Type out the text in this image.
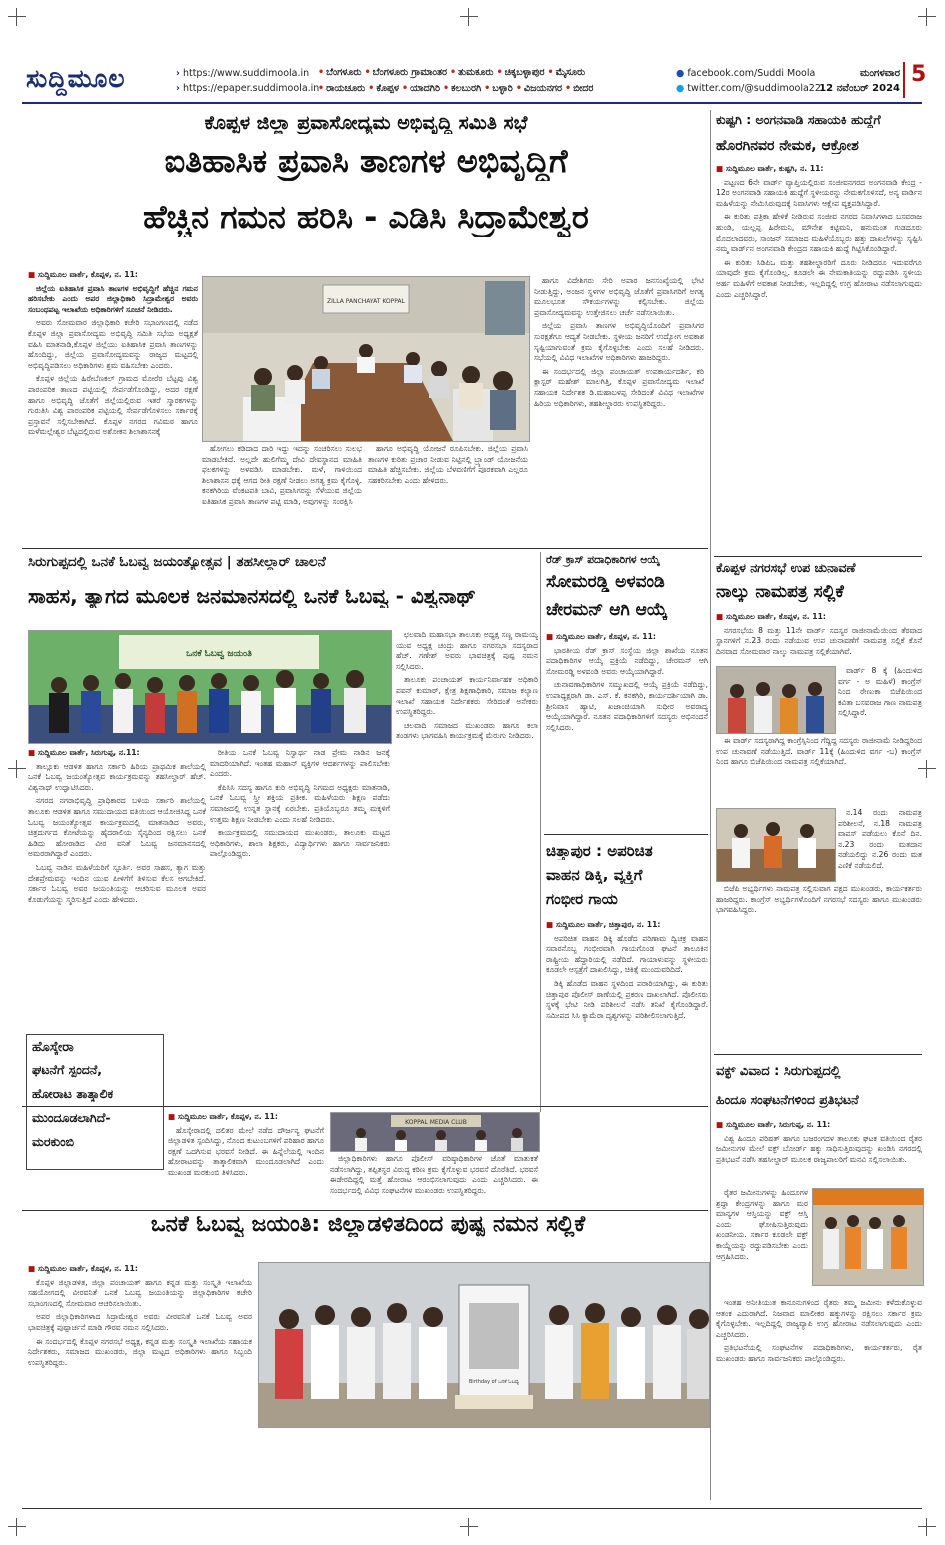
ಸುದ್ದಿಮೂಲ	› https://www.suddimoola.in
› https://epaper.suddimoola.in
• ಬೆಂಗಳೂರು • ಬೆಂಗಳೂರು ಗ್ರಾಮಾಂತರ • ತುಮಕೂರು • ಚಿಕ್ಕಬಳ್ಳಾಪುರ • ಮೈಸೂರು
• ರಾಯಚೂರು • ಕೊಪ್ಪಳ • ಯಾದಗಿರಿ • ಕಲಬುರಗಿ • ಬಳ್ಳಾರಿ • ವಿಜಯನಗರ • ಬೀದರ
● facebook.com/Suddi Moola
● twitter.com/@suddimoola22
ಮಂಗಳವಾರ
12 ನವೆಂಬರ್ 2024
5
ಕೊಪ್ಪಳ ಜಿಲ್ಲಾ ಪ್ರವಾಸೋದ್ಯಮ ಅಭಿವೃದ್ಧಿ ಸಮಿತಿ ಸಭೆ
ಐತಿಹಾಸಿಕ ಪ್ರವಾಸಿ ತಾಣಗಳ ಅಭಿವೃದ್ಧಿಗೆ
ಹೆಚ್ಚಿನ ಗಮನ ಹರಿಸಿ - ಎಡಿಸಿ ಸಿದ್ರಾಮೇಶ್ವರ

■ ಸುದ್ದಿಮೂಲ ವಾರ್ತೆ, ಕೊಪ್ಪಳ, ನ. 11:

ಜಿಲ್ಲೆಯ ಐತಿಹಾಸಿಕ ಪ್ರವಾಸಿ ತಾಣಗಳ ಅಭಿವೃದ್ಧಿಗೆ ಹೆಚ್ಚಿನ ಗಮನ ಹರಿಸಬೇಕು ಎಂದು ಅಪರ ಜಿಲ್ಲಾಧಿಕಾರಿ ಸಿದ್ರಾಮೇಶ್ವರ ಅವರು ಸಂಬಂಧಪಟ್ಟ ಇಲಾಖೆಯ ಅಧಿಕಾರಿಗಳಿಗೆ ಸೂಚನೆ ನೀಡಿದರು.

ಅವರು ಸೋಮವಾರ ಜಿಲ್ಲಾಧಿಕಾರಿ ಕಚೇರಿ ಸಭಾಂಗಣದಲ್ಲಿ ನಡೆದ ಕೊಪ್ಪಳ ಜಿಲ್ಲಾ ಪ್ರವಾಸೋದ್ಯಮ ಅಭಿವೃದ್ಧಿ ಸಮಿತಿ ಸಭೆಯ ಅಧ್ಯಕ್ಷತೆ ವಹಿಸಿ ಮಾತನಾಡಿ,ಕೊಪ್ಪಳ ಜಿಲ್ಲೆಯು ಐತಿಹಾಸಿಕ ಪ್ರವಾಸಿ ತಾಣಗಳನ್ನು ಹೊಂದಿದ್ದು, ಜಿಲ್ಲೆಯ ಪ್ರವಾಸೋದ್ಯಮವನ್ನು ರಾಜ್ಯದ ಮಟ್ಟದಲ್ಲಿ ಅಭಿವೃದ್ಧಿಪಡಿಸಲು ಅಧಿಕಾರಿಗಳು ಶ್ರಮ ವಹಿಸಬೇಕು ಎಂದರು.

ಕೊಪ್ಪಳ ಜಿಲ್ಲೆಯ ಹಿರೇಬೆಣಕಲ್ ಗ್ರಾಮದ ಮೋರೆರ ಬೆಟ್ಟವು ವಿಶ್ವ ಪಾರಂಪರಿಕ ತಾಣದ ಪಟ್ಟಿಯಲ್ಲಿ ಸೇರ್ಪಡೆಗೊಂಡಿದ್ದು, ಅದರ ರಕ್ಷಣೆ ಹಾಗೂ ಅಭಿವೃದ್ಧಿ ಜೊತೆಗೆ ಜಿಲ್ಲೆಯಲ್ಲಿರುವ ಇತರೆ ಸ್ಮಾರಕಗಳನ್ನು ಗುರುತಿಸಿ ವಿಶ್ವ ಪಾರಂಪರಿಕ ಪಟ್ಟಿಯಲ್ಲಿ ಸೇರ್ಪಡೆಗೊಳಿಸಲು ಸರ್ಕಾರಕ್ಕೆ ಪ್ರಸ್ತಾವನೆ ಸಲ್ಲಿಸಬೇಕಾಗಿದೆ. ಕೊಪ್ಪಳ ನಗರದ ಗವಿಮಠ ಹಾಗೂ ಮಳೆಮಲ್ಲೇಶ್ವರ ಬೆಟ್ಟದಲ್ಲಿರುವ ಅಶೋಕನ ಶಿಲಾಶಾಸನಕ್ಕೆ

ZILLA PANCHAYAT KOPPAL

ಹೋಗಲು ಕಡಿದಾದ ದಾರಿ ಇದ್ದು ಇದನ್ನು ಸಂಚರಿಸಲು ಸುಲಭ ಮಾಡಬೇಕಿದೆ. ಅಲ್ಲದೇ ಹುಲಿಗೆಮ್ಮ ದೇವಿ ದೇವಸ್ಥಾನದ ಮಾಹಿತಿ ಫಲಕಗಳನ್ನು ಅಳವಡಿಸಿ ಮಾಡಬೇಕು. ಮಳೆ, ಗಾಳಿಯಿಂದ ಶಿಲಾಶಾಸನ ಧಕ್ಕೆ ಆಗದ ರೀತಿ ರಕ್ಷಣೆ ನೀಡಲು ಅಗತ್ಯ ಕ್ರಮ ಕೈಗೊಳ್ಳಿ. ಕನಕಗಿರಿಯ ವೆಂಕಟಪತಿ ಬಾವಿ, ಪ್ರವಾಸಿಗರನ್ನು ಸೆಳೆಯುವ ಜಿಲ್ಲೆಯ ಐತಿಹಾಸಿಕ ಪ್ರವಾಸಿ ತಾಣಗಳ ಪಟ್ಟಿ ಮಾಡಿ, ಅವುಗಳನ್ನು ಸಂರಕ್ಷಿಸಿ

ಹಾಗೂ ಅಭಿವೃದ್ಧಿ ಯೋಜನೆ ರೂಪಿಸಬೇಕು. ಜಿಲ್ಲೆಯ ಪ್ರವಾಸಿ ತಾಣಗಳ ಕುರಿತು ಪ್ರಚಾರ ನೀಡುವ ನಿಟ್ಟಿನಲ್ಲಿ ಬ್ರ್ಯಾಂಡ್ ಯೋಜನೆಯ ಮಾಹಿತಿ ಹೆಚ್ಚಿಸಬೇಕು. ಜಿಲ್ಲೆಯ ಬೆಳವಣಿಗೆಗೆ ಪೂರಕವಾಗಿ ಎಲ್ಲರೂ ಸಹಕರಿಸಬೇಕು ಎಂದು ಹೇಳಿದರು.

ಹಾಗೂ ವಿದೇಶಿಗರು ಸೇರಿ ಅಪಾರ ಜನಸಂಖ್ಯೆಯಲ್ಲಿ ಭೇಟಿ ನೀಡುತ್ತಿದ್ದು, ಅಂಜನ ಸ್ಥಳಗಳ ಅಭಿವೃದ್ಧಿ ಜೊತೆಗೆ ಪ್ರವಾಸಿಗರಿಗೆ ಅಗತ್ಯ ಮೂಲಭೂತ ಸೌಕರ್ಯಗಳನ್ನು ಕಲ್ಪಿಸಬೇಕು. ಜಿಲ್ಲೆಯ ಪ್ರವಾಸೋದ್ಯಮವನ್ನು ಉತ್ತೇಜಿಸಲು ಚರ್ಚೆ ನಡೆಸಲಾಯಿತು.

ಜಿಲ್ಲೆಯ ಪ್ರವಾಸಿ ತಾಣಗಳ ಅಭಿವೃದ್ಧಿಯೊಂದಿಗೆ ಪ್ರವಾಸಿಗರ ಸುರಕ್ಷತೆಗೂ ಆದ್ಯತೆ ನೀಡಬೇಕು. ಸ್ಥಳೀಯ ಜನರಿಗೆ ಉದ್ಯೋಗ ಅವಕಾಶ ಸೃಷ್ಟಿಯಾಗುವಂತೆ ಕ್ರಮ ಕೈಗೊಳ್ಳಬೇಕು ಎಂದು ಸಲಹೆ ನೀಡಿದರು. ಸಭೆಯಲ್ಲಿ ವಿವಿಧ ಇಲಾಖೆಗಳ ಅಧಿಕಾರಿಗಳು ಹಾಜರಿದ್ದರು.

ಈ ಸಂದರ್ಭದಲ್ಲಿ ಜಿಲ್ಲಾ ಪಂಚಾಯತ್ ಉಪಕಾರ್ಯದರ್ಶಿ, ಕರಿ ಕ್ಲಾಸ್ಟರ್ ಮಹೇಶ್ ಮಾಲಗಿತ್ತಿ, ಕೊಪ್ಪಳ ಪ್ರವಾಸೋದ್ಯಮ ಇಲಾಖೆ ಸಹಾಯಕ ನಿರ್ದೇಶಕ ಡಿ.ಮಹಾಬಳಪ್ಪ ಸೇರಿದಂತೆ ವಿವಿಧ ಇಲಾಖೆಗಳ ಹಿರಿಯ ಅಧಿಕಾರಿಗಳು, ತಹಶೀಲ್ದಾರರು ಉಪಸ್ಥಿತರಿದ್ದರು.

ಕುಷ್ಟಗಿ : ಅಂಗನವಾಡಿ ಸಹಾಯಕಿ ಹುದ್ದೆಗೆ
ಹೊರಗಿನವರ ನೇಮಕ, ಆಕ್ರೋಶ

■ ಸುದ್ದಿಮೂಲ ವಾರ್ತೆ, ಕುಷ್ಟಗಿ, ನ. 11:

ಪಟ್ಟಣದ 6ನೇ ವಾರ್ಡ್ ವ್ಯಾಪ್ತಿಯಲ್ಲಿರುವ ಸಂಜೀವನಗರದ ಅಂಗನವಾಡಿ ಕೇಂದ್ರ - 12ರ ಅಂಗನವಾಡಿ ಸಹಾಯಕಿ ಹುದ್ದೆಗೆ ಸ್ಥಳೀಯರನ್ನು ನೇಮಕಗೊಳಿಸದೆ, ಅನ್ಯ ವಾರ್ಡಿನ ಮಹಿಳೆಯನ್ನು ನೇಮಿಸಿರುವುದಕ್ಕೆ ನಿವಾಸಿಗಳು ಆಕ್ಷೇಪ ವ್ಯಕ್ತಪಡಿಸಿದ್ದಾರೆ.

ಈ ಕುರಿತು ಪತ್ರಿಕಾ ಹೇಳಿಕೆ ನೀಡಿರುವ ಸಂಜೀವ ನಗರದ ನಿವಾಸಿಗಳಾದ ಬಸವರಾಜ ಹುಂಡಿ, ಯಲ್ಲಪ್ಪ ಹಿರೇಮನಿ, ಮೌನೇಶ ಕಟ್ಟಿಮನಿ, ಹನುಮಂತ ಗುಡದೂರು ಮೊದಲಾದವರು, ಸಾಂಜನ್ ಸಮಾಜದ ಮಹಿಳೆಯೊಬ್ಬರು ಹತ್ತು ದಾಖಲೆಗಳನ್ನು ಸೃಷ್ಟಿಸಿ ನಮ್ಮ ವಾರ್ಡ್‌ನ ಅಂಗನವಾಡಿ ಕೇಂದ್ರದ ಸಹಾಯಕಿ ಹುದ್ದೆ ಗಿಟ್ಟಿಸಿಕೊಂಡಿದ್ದಾರೆ.

ಈ ಕುರಿತು ಸಿಡಿಪಿಒ ಮತ್ತು ತಹಶೀಲ್ದಾರರಿಗೆ ದೂರು ನೀಡಿದರೂ ಇದುವರೆಗೂ ಯಾವುದೇ ಕ್ರಮ ಕೈಗೊಂಡಿಲ್ಲ. ಕೂಡಲೇ ಈ ನೇಮಕಾತಿಯನ್ನು ರದ್ದುಪಡಿಸಿ ಸ್ಥಳೀಯ ಅರ್ಹ ಮಹಿಳೆಗೆ ಅವಕಾಶ ನೀಡಬೇಕು, ಇಲ್ಲದಿದ್ದಲ್ಲಿ ಉಗ್ರ ಹೋರಾಟ ನಡೆಸಲಾಗುವುದು ಎಂದು ಎಚ್ಚರಿಸಿದ್ದಾರೆ.

ಸಿರುಗುಪ್ಪದಲ್ಲಿ ಒನಕೆ ಓಬವ್ವ ಜಯಂತ್ಯೋತ್ಸವ | ತಹಸೀಲ್ದಾರ್ ಚಾಲನೆ
ಸಾಹಸ, ತ್ಯಾಗದ ಮೂಲಕ ಜನಮಾನಸದಲ್ಲಿ ಒನಕೆ ಓಬವ್ವ - ವಿಶ್ವನಾಥ್
ಒನಕೆ ಓಬವ್ವ ಜಯಂತಿ

■ ಸುದ್ದಿಮೂಲ ವಾರ್ತೆ, ಸಿರುಗುಪ್ಪ, ನ.11:

ತಾಲ್ಲೂಕು ಆಡಳಿತ ಹಾಗೂ ಸರ್ಕಾರಿ ಹಿರಿಯ ಪ್ರಾಥಮಿಕ ಶಾಲೆಯಲ್ಲಿ ಒನಕೆ ಓಬವ್ವ ಜಯಂತ್ಯೋತ್ಸವ ಕಾರ್ಯಕ್ರಮವನ್ನು ತಹಸೀಲ್ದಾರ್ ಹೆಚ್. ವಿಶ್ವನಾಥ್ ಉದ್ಘಾಟಿಸಿದರು.

ನಗರದ ನಗರಾಭಿವೃದ್ಧಿ ಪ್ರಾಧಿಕಾರದ ಬಳಿಯ ಸರ್ಕಾರಿ ಶಾಲೆಯಲ್ಲಿ ತಾಲೂಕು ಆಡಳಿತ ಹಾಗೂ ಸಮುದಾಯದ ವತಿಯಿಂದ ಆಯೋಜಿಸಿದ್ದ ಒನಕೆ ಓಬವ್ವ ಜಯಂತ್ಯೋತ್ಸವ ಕಾರ್ಯಕ್ರಮದಲ್ಲಿ ಮಾತನಾಡಿದ ಅವರು, ಚಿತ್ರದುರ್ಗದ ಕೋಟೆಯನ್ನು ಹೈದರಾಲಿಯ ಸೈನ್ಯದಿಂದ ರಕ್ಷಿಸಲು ಒನಕೆ ಹಿಡಿದು ಹೋರಾಡಿದ ವೀರ ವನಿತೆ ಓಬವ್ವ ಜನಮಾನಸದಲ್ಲಿ ಅಮರರಾಗಿದ್ದಾರೆ ಎಂದರು.

ಓಬವ್ವ ನಾಡಿನ ಮಹಿಳೆಯರಿಗೆ ಸ್ಫೂರ್ತಿ. ಅವರ ಸಾಹಸ, ತ್ಯಾಗ ಮತ್ತು ದೇಶಪ್ರೇಮವನ್ನು ಇಂದಿನ ಯುವ ಪೀಳಿಗೆಗೆ ತಿಳಿಸುವ ಕೆಲಸ ಆಗಬೇಕಿದೆ. ಸರ್ಕಾರ ಓಬವ್ವ ಅವರ ಜಯಂತಿಯನ್ನು ಆಚರಿಸುವ ಮೂಲಕ ಅವರ ಕೊಡುಗೆಯನ್ನು ಸ್ಮರಿಸುತ್ತಿದೆ ಎಂದು ಹೇಳಿದರು.

ರೀತಿಯ ಒನಕೆ ಓಬವ್ವ ನಿಸ್ವಾರ್ಥ ನಾಡ ಪ್ರೇಮ ನಾಡಿನ ಜನಕ್ಕೆ ಮಾದರಿಯಾಗಿದೆ. ಇಂತಹ ಮಹಾನ್ ವ್ಯಕ್ತಿಗಳ ಆದರ್ಶಗಳನ್ನು ಪಾಲಿಸಬೇಕು ಎಂದರು.

ಕೆಪಿಸಿಸಿ ಸದಸ್ಯ ಹಾಗೂ ಕುರಿ ಅಭಿವೃದ್ಧಿ ನಿಗಮದ ಅಧ್ಯಕ್ಷರು ಮಾತನಾಡಿ, ಒನಕೆ ಓಬವ್ವ ಸ್ತ್ರೀ ಶಕ್ತಿಯ ಪ್ರತೀಕ. ಮಹಿಳೆಯರು ಶಿಕ್ಷಣ ಪಡೆದು ಸಮಾಜದಲ್ಲಿ ಉನ್ನತ ಸ್ಥಾನಕ್ಕೆ ಏರಬೇಕು. ಪ್ರತಿಯೊಬ್ಬರೂ ತಮ್ಮ ಮಕ್ಕಳಿಗೆ ಉತ್ತಮ ಶಿಕ್ಷಣ ನೀಡಬೇಕು ಎಂದು ಸಲಹೆ ನೀಡಿದರು.

ಕಾರ್ಯಕ್ರಮದಲ್ಲಿ ಸಮುದಾಯದ ಮುಖಂಡರು, ತಾಲೂಕು ಮಟ್ಟದ ಅಧಿಕಾರಿಗಳು, ಶಾಲಾ ಶಿಕ್ಷಕರು, ವಿದ್ಯಾರ್ಥಿಗಳು ಹಾಗೂ ಸಾರ್ವಜನಿಕರು ಪಾಲ್ಗೊಂಡಿದ್ದರು.

ಛಲವಾದಿ ಮಹಾಸಭಾ ತಾಲೂಕು ಅಧ್ಯಕ್ಷ ಸಣ್ಣ ರಾಮಯ್ಯ ಯುವ ಅಧ್ಯಕ್ಷ ಚಂದ್ರು ಹಾಗೂ ನಗರಸಭಾ ಸದಸ್ಯರಾದ ಹೆಚ್. ಗಣೇಶ್ ಅವರು ಭಾವಚಿತ್ರಕ್ಕೆ ಪುಷ್ಪ ನಮನ ಸಲ್ಲಿಸಿದರು.

ತಾಲೂಕು ಪಂಚಾಯತ್ ಕಾರ್ಯನಿರ್ವಾಹಕ ಅಧಿಕಾರಿ ಪವನ್ ಕುಮಾರ್, ಕ್ಷೇತ್ರ ಶಿಕ್ಷಣಾಧಿಕಾರಿ, ಸಮಾಜ ಕಲ್ಯಾಣ ಇಲಾಖೆ ಸಹಾಯಕ ನಿರ್ದೇಶಕರು ಸೇರಿದಂತೆ ಅನೇಕರು ಉಪಸ್ಥಿತರಿದ್ದರು.

ಚಲವಾದಿ ಸಮಾಜದ ಮುಖಂಡರು ಹಾಗೂ ಕಲಾ ತಂಡಗಳು ಭಾಗವಹಿಸಿ ಕಾರ್ಯಕ್ರಮಕ್ಕೆ ಮೆರುಗು ನೀಡಿದರು.

ರೆಡ್ ಕ್ರಾಸ್ ಪದಾಧಿಕಾರಿಗಳ ಆಯ್ಕೆ
ಸೋಮರಡ್ಡಿ ಅಳವಂಡಿ
ಚೇರಮನ್ ಆಗಿ ಆಯ್ಕೆ

■ ಸುದ್ದಿಮೂಲ ವಾರ್ತೆ, ಕೊಪ್ಪಳ, ನ. 11:

ಭಾರತೀಯ ರೆಡ್ ಕ್ರಾಸ್ ಸಂಸ್ಥೆಯ ಜಿಲ್ಲಾ ಶಾಖೆಯ ನೂತನ ಪದಾಧಿಕಾರಿಗಳ ಆಯ್ಕೆ ಪ್ರಕ್ರಿಯೆ ನಡೆದಿದ್ದು, ಚೇರಮನ್ ಆಗಿ ಸೋಮರಡ್ಡಿ ಅಳವಂಡಿ ಅವರು ಆಯ್ಕೆಯಾಗಿದ್ದಾರೆ.

ಚುನಾವಣಾಧಿಕಾರಿಗಳ ಸಮ್ಮುಖದಲ್ಲಿ ಆಯ್ಕೆ ಪ್ರಕ್ರಿಯೆ ನಡೆದಿದ್ದು, ಉಪಾಧ್ಯಕ್ಷರಾಗಿ ಡಾ. ಎಸ್. ಕೆ. ಕನಕಗಿರಿ, ಕಾರ್ಯದರ್ಶಿಯಾಗಿ ಡಾ. ಶ್ರೀನಿವಾಸ ಹ್ಯಾಟಿ, ಖಜಾಂಚಿಯಾಗಿ ಸುಧೀರ ಅವರಾದ್ಯ ಆಯ್ಕೆಯಾಗಿದ್ದಾರೆ. ನೂತನ ಪದಾಧಿಕಾರಿಗಳಿಗೆ ಸದಸ್ಯರು ಅಭಿನಂದನೆ ಸಲ್ಲಿಸಿದರು.

ಚಿತ್ತಾಪುರ : ಅಪರಿಚಿತ
ವಾಹನ ಡಿಕ್ಕಿ, ವ್ಯಕ್ತಿಗೆ
ಗಂಭೀರ ಗಾಯ

■ ಸುದ್ದಿಮೂಲ ವಾರ್ತೆ, ಚಿತ್ತಾಪುರ, ನ. 11:

ಅಪರಿಚಿತ ವಾಹನ ಡಿಕ್ಕಿ ಹೊಡೆದ ಪರಿಣಾಮ ದ್ವಿಚಕ್ರ ವಾಹನ ಸವಾರನೊಬ್ಬ ಗಂಭೀರವಾಗಿ ಗಾಯಗೊಂಡ ಘಟನೆ ತಾಲೂಕಿನ ರಾಷ್ಟ್ರೀಯ ಹೆದ್ದಾರಿಯಲ್ಲಿ ನಡೆದಿದೆ. ಗಾಯಾಳುವನ್ನು ಸ್ಥಳೀಯರು ಕೂಡಲೇ ಆಸ್ಪತ್ರೆಗೆ ದಾಖಲಿಸಿದ್ದು, ಚಿಕಿತ್ಸೆ ಮುಂದುವರಿದಿದೆ.

ಡಿಕ್ಕಿ ಹೊಡೆದ ವಾಹನ ಸ್ಥಳದಿಂದ ಪರಾರಿಯಾಗಿದ್ದು, ಈ ಕುರಿತು ಚಿತ್ತಾಪುರ ಪೊಲೀಸ್ ಠಾಣೆಯಲ್ಲಿ ಪ್ರಕರಣ ದಾಖಲಾಗಿದೆ. ಪೊಲೀಸರು ಸ್ಥಳಕ್ಕೆ ಭೇಟಿ ನೀಡಿ ಪರಿಶೀಲನೆ ನಡೆಸಿ ತನಿಖೆ ಕೈಗೊಂಡಿದ್ದಾರೆ. ಸಮೀಪದ ಸಿಸಿ ಕ್ಯಾಮೆರಾ ದೃಶ್ಯಗಳನ್ನು ಪರಿಶೀಲಿಸಲಾಗುತ್ತಿದೆ.

ಕೊಪ್ಪಳ ನಗರಸಭೆ ಉಪ ಚುನಾವಣೆ
ನಾಲ್ಕು ನಾಮಪತ್ರ ಸಲ್ಲಿಕೆ

■ ಸುದ್ದಿಮೂಲ ವಾರ್ತೆ, ಕೊಪ್ಪಳ, ನ. 11:

ನಗರಸಭೆಯ 8 ಮತ್ತು 11ನೇ ವಾರ್ಡ್ ಸದಸ್ಯರ ರಾಜೀನಾಮೆಯಿಂದ ತೆರವಾದ ಸ್ಥಾನಗಳಿಗೆ ನ.23 ರಂದು ನಡೆಯುವ ಉಪ ಚುನಾವಣೆಗೆ ನಾಮಪತ್ರ ಸಲ್ಲಿಕೆ ಕೊನೆ ದಿನವಾದ ಸೋಮವಾರ ನಾಲ್ಕು ನಾಮಪತ್ರ ಸಲ್ಲಿಕೆಯಾಗಿವೆ.

ವಾರ್ಡ್ 8 ಕ್ಕೆ (ಹಿಂದುಳಿದ ವರ್ಗ - ಅ ಮಹಿಳೆ) ಕಾಂಗ್ರೆಸ್ ನಿಂದ ರೇಣುಕಾ ಬಿಜೆಪಿಯಿಂದ ಕವಿತಾ ಬಸವರಾಜ ಗಾಣ ನಾಮಪತ್ರ ಸಲ್ಲಿಸಿದ್ದಾರೆ.

ಈ ವಾರ್ಡ್ ಸದಸ್ಯರಾಗಿದ್ದ ಕಾಂಗ್ರೆಸ್ಸಿನಿಂದ ಗೆದ್ದಿದ್ದ ಸದಸ್ಯರು ರಾಜೀನಾಮೆ ನೀಡಿದ್ದರಿಂದ ಉಪ ಚುನಾವಣೆ ನಡೆಯುತ್ತಿದೆ. ವಾರ್ಡ್ 11ಕ್ಕೆ (ಹಿಂದುಳಿದ ವರ್ಗ -ಬ) ಕಾಂಗ್ರೆಸ್ ನಿಂದ ಹಾಗೂ ಬಿಜೆಪಿಯಿಂದ ನಾಮಪತ್ರ ಸಲ್ಲಿಕೆಯಾಗಿದೆ.

ನ.14 ರಂದು ನಾಮಪತ್ರ ಪರಿಶೀಲನೆ, ನ.18 ನಾಮಪತ್ರ ವಾಪಸ್ ಪಡೆಯಲು ಕೊನೆ ದಿನ. ನ.23 ರಂದು ಮತದಾನ ನಡೆಯಲಿದ್ದು ನ.26 ರಂದು ಮತ ಎಣಿಕೆ ನಡೆಯಲಿದೆ.

ಬಿಜೆಪಿ ಅಭ್ಯರ್ಥಿಗಳು ನಾಮಪತ್ರ ಸಲ್ಲಿಸುವಾಗ ಪಕ್ಷದ ಮುಖಂಡರು, ಕಾರ್ಯಕರ್ತರು ಹಾಜರಿದ್ದರು. ಕಾಂಗ್ರೆಸ್ ಅಭ್ಯರ್ಥಿಗಳೊಂದಿಗೆ ನಗರಸಭೆ ಸದಸ್ಯರು ಹಾಗೂ ಮುಖಂಡರು ಭಾಗವಹಿಸಿದ್ದರು.

ಹೊಸ್ಕೇರಾ
ಘಟನೆಗೆ ಸ್ಪಂದನೆ,
ಹೋರಾಟ ತಾತ್ಕಾಲಿಕ
ಮುಂದೂಡಲಾಗಿದೆ-
ಮರಕುಂಬಿ

■ ಸುದ್ದಿಮೂಲ ವಾರ್ತೆ, ಕೊಪ್ಪಳ, ನ. 11:

ಹೊಸ್ಕೇರಾದಲ್ಲಿ ದಲಿತರ ಮೇಲೆ ನಡೆದ ದೌರ್ಜನ್ಯ ಘಟನೆಗೆ ಜಿಲ್ಲಾಡಳಿತ ಸ್ಪಂದಿಸಿದ್ದು, ನೊಂದ ಕುಟುಂಬಗಳಿಗೆ ಪರಿಹಾರ ಹಾಗೂ ರಕ್ಷಣೆ ಒದಗಿಸುವ ಭರವಸೆ ನೀಡಿದೆ. ಈ ಹಿನ್ನೆಲೆಯಲ್ಲಿ ಇಂದಿನ ಹೋರಾಟವನ್ನು ತಾತ್ಕಾಲಿಕವಾಗಿ ಮುಂದೂಡಲಾಗಿದೆ ಎಂದು ಮುಖಂಡ ಮರಕುಂಬಿ ತಿಳಿಸಿದರು.

KOPPAL MEDIA CLUB

ಜಿಲ್ಲಾಧಿಕಾರಿಗಳು ಹಾಗೂ ಪೊಲೀಸ್ ವರಿಷ್ಠಾಧಿಕಾರಿಗಳ ಜೊತೆ ಮಾತುಕತೆ ನಡೆಸಲಾಗಿದ್ದು, ತಪ್ಪಿತಸ್ಥರ ವಿರುದ್ಧ ಕಠಿಣ ಕ್ರಮ ಕೈಗೊಳ್ಳುವ ಭರವಸೆ ದೊರೆತಿದೆ. ಭರವಸೆ ಈಡೇರದಿದ್ದಲ್ಲಿ ಮತ್ತೆ ಹೋರಾಟ ಆರಂಭಿಸಲಾಗುವುದು ಎಂದು ಎಚ್ಚರಿಸಿದರು. ಈ ಸಂದರ್ಭದಲ್ಲಿ ವಿವಿಧ ಸಂಘಟನೆಗಳ ಮುಖಂಡರು ಉಪಸ್ಥಿತರಿದ್ದರು.

ವಕ್ಫ್ ವಿವಾದ : ಸಿರುಗುಪ್ಪದಲ್ಲಿ
ಹಿಂದೂ ಸಂಘಟನೆಗಳಿಂದ ಪ್ರತಿಭಟನೆ

■ ಸುದ್ದಿಮೂಲ ವಾರ್ತೆ, ಸಿರುಗುಪ್ಪ, ನ. 11:

ವಿಶ್ವ ಹಿಂದೂ ಪರಿಷತ್ ಹಾಗೂ ಬಜರಂಗದಳ ತಾಲೂಕು ಘಟಕ ವತಿಯಿಂದ ರೈತರ ಜಮೀನುಗಳ ಮೇಲೆ ವಕ್ಫ್ ಬೋರ್ಡ್ ಹಕ್ಕು ಸಾಧಿಸುತ್ತಿರುವುದನ್ನು ಖಂಡಿಸಿ ನಗರದಲ್ಲಿ ಪ್ರತಿಭಟನೆ ನಡೆಸಿ ತಹಸೀಲ್ದಾರ್ ಮೂಲಕ ರಾಜ್ಯಪಾಲರಿಗೆ ಮನವಿ ಸಲ್ಲಿಸಲಾಯಿತು.

ರೈತರ ಜಮೀನುಗಳನ್ನು ಹಿಂದೂಗಳ ಶ್ರದ್ಧಾ ಕೇಂದ್ರಗಳನ್ನು ಹಾಗೂ ಮಠ ಮಾನ್ಯಗಳ ಆಸ್ತಿಯನ್ನು ವಕ್ಫ್ ಆಸ್ತಿ ಎಂದು ಘೋಷಿಸುತ್ತಿರುವುದು ಖಂಡನೀಯ. ಸರ್ಕಾರ ಕೂಡಲೇ ವಕ್ಫ್ ಕಾಯ್ದೆಯನ್ನು ರದ್ದುಪಡಿಸಬೇಕು ಎಂದು ಆಗ್ರಹಿಸಿದರು.

ಇಂತಹ ಅನೀತಿಯುತ ಕಾನೂನುಗಳಿಂದ ರೈತರು ತಮ್ಮ ಜಮೀನು ಕಳೆದುಕೊಳ್ಳುವ ಆತಂಕ ಎದುರಾಗಿದೆ. ನಿಜವಾದ ಮಾಲೀಕರ ಹಕ್ಕುಗಳನ್ನು ರಕ್ಷಿಸಲು ಸರ್ಕಾರ ಕ್ರಮ ಕೈಗೊಳ್ಳಬೇಕು. ಇಲ್ಲದಿದ್ದಲ್ಲಿ ರಾಜ್ಯವ್ಯಾಪಿ ಉಗ್ರ ಹೋರಾಟ ನಡೆಸಲಾಗುವುದು ಎಂದು ಎಚ್ಚರಿಸಿದರು.

ಪ್ರತಿಭಟನೆಯಲ್ಲಿ ಸಂಘಟನೆಗಳ ಪದಾಧಿಕಾರಿಗಳು, ಕಾರ್ಯಕರ್ತರು, ರೈತ ಮುಖಂಡರು ಹಾಗೂ ಸಾರ್ವಜನಿಕರು ಪಾಲ್ಗೊಂಡಿದ್ದರು.

ಒನಕೆ ಓಬವ್ವ ಜಯಂತಿ: ಜಿಲ್ಲಾಡಳಿತದಿಂದ ಪುಷ್ಪ ನಮನ ಸಲ್ಲಿಕೆ

■ ಸುದ್ದಿಮೂಲ ವಾರ್ತೆ, ಕೊಪ್ಪಳ, ನ. 11:

ಕೊಪ್ಪಳ ಜಿಲ್ಲಾಡಳಿತ, ಜಿಲ್ಲಾ ಪಂಚಾಯತ್ ಹಾಗೂ ಕನ್ನಡ ಮತ್ತು ಸಂಸ್ಕೃತಿ ಇಲಾಖೆಯ ಸಹಯೋಗದಲ್ಲಿ ವೀರವನಿತೆ ಒನಕೆ ಓಬವ್ವ ಜಯಂತಿಯನ್ನು ಜಿಲ್ಲಾಧಿಕಾರಿಗಳ ಕಚೇರಿ ಸಭಾಂಗಣದಲ್ಲಿ ಸೋಮವಾರ ಆಚರಿಸಲಾಯಿತು.

ಅಪರ ಜಿಲ್ಲಾಧಿಕಾರಿಗಳಾದ ಸಿದ್ರಾಮೇಶ್ವರ ಅವರು ವೀರವನಿತೆ ಒನಕೆ ಓಬವ್ವ ಅವರ ಭಾವಚಿತ್ರಕ್ಕೆ ಪುಷ್ಪಾರ್ಚನೆ ಮಾಡಿ ಗೌರವ ನಮನ ಸಲ್ಲಿಸಿದರು.

ಈ ಸಂದರ್ಭದಲ್ಲಿ ಕೊಪ್ಪಳ ನಗರಸಭೆ ಅಧ್ಯಕ್ಷ, ಕನ್ನಡ ಮತ್ತು ಸಂಸ್ಕೃತಿ ಇಲಾಖೆಯ ಸಹಾಯಕ ನಿರ್ದೇಶಕರು, ಸಮಾಜದ ಮುಖಂಡರು, ಜಿಲ್ಲಾ ಮಟ್ಟದ ಅಧಿಕಾರಿಗಳು ಹಾಗೂ ಸಿಬ್ಬಂದಿ ಉಪಸ್ಥಿತರಿದ್ದರು.

Birthday of ಒನಕೆ ಓಬವ್ವ
